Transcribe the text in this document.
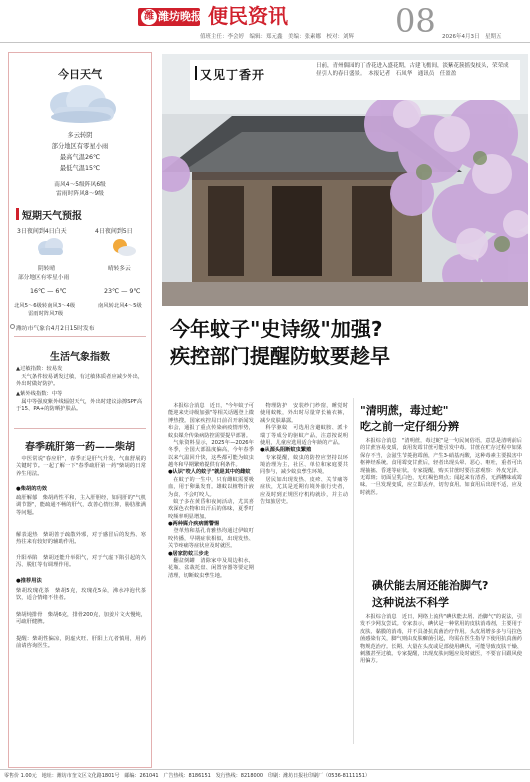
潍 潍坊晚报 便民资讯	08
值班主任：李会婷　编辑：郑元鑫　美编：张素娜　校对：刘辉	2026年4月3日　星期五
今日天气
多云转阴
部分地区有零星小雨
最高气温26℃
最低气温15℃
南风4～5级阵风6级
雷雨时阵风8～9级
短期天气预报
3日夜间到4日白天	4日夜间到5日
阴转晴	晴转多云
部分地区有零星小雨
16℃ — 6℃	23℃ — 9℃
北风5～6级转南风3～4级	南风转北风4～5级
雷雨时阵风7级
潍坊市气象台4月2日15时发布
生活气象指数
▲过敏指数：较易发
　天气条件较易诱发过敏，有过敏体质者应减少外出，外出时做好防护。
▲紫外线指数：中等
　属中等强度紫外线辐射天气，外出时建议涂擦SPF高于15、PA+的防晒护肤品。
春季疏肝第一药——柴胡
　中医常说"春应肝"，春季正是肝气升发、气血舒展的关键时节。一起了解一下"春季疏肝第一药"柴胡的日常养生用法。
●柴胡的功效
疏肝解郁　柴胡药性平和，主入肝胆经，如同肝的"气机调节器"，能疏通不畅的肝气，改善心情压抑，胁肋胀满等问题。
解表退热　柴胡善于疏散外邪，对于感冒后的发热、寒热往来有较好的辅助作用。
升阳举陷　柴胡还能升举阳气，对于气虚下陷引起的久泻、脱肛等有调理作用。
●推荐用法
柴胡玫瑰花茶　柴胡5克，玫瑰花5朵，沸水冲泡代茶饮，适合情绪不佳者。
柴胡炖排骨　柴胡6克，排骨200克，加姜片文火慢炖，可疏肝健脾。
提醒：柴胡性偏凉，阴虚火旺、肝阳上亢者慎用，用药前请咨询医生。
又见丁香开
日前，青州偶园的丁香花进入盛花期，古建飞檐间，淡紫花簇摇曳枝头，荣荣成昼引人的春日盛景。　本报记者　石凤华　通讯员　任盈盈
今年蚊子"史诗级"加强?
疾控部门提醒防蚊要趁早
　本报综合消息　近日，"今年蚊子可能迎来史诗级加强"等相关话题登上微博热搜。国家疾控局日前召开新闻发布会，通报了重点传染病疫情形势，蚊虫媒介传染病防控需要提早部署。
　气象资料显示，2025年—2026年冬季，全国大部温度偏高，今年春季以来气温回升快，这些都可能为蚊虫越冬和早期繁殖提供有利条件。

●认识"咬人的蚊子"就是其中的雌蚊
　在蚊子的一生中，只有雌蚊需要吸血，用于卵巢发育。雄蚊以植物汁液为食，不会叮咬人。
　蚊子多在黄昏和夜间活动，尤其喜欢深色衣物和出汗后的体味，夏季叮咬频率明显增加。

●两种媒介疾病需警惕
　登革热和基孔肯雅热均通过伊蚊叮咬传播，早期症状相似，出现发热、关节疼痛等症状应及时就医。

●居家防蚊三步走
　翻盆倒罐　清除家中及周边积水，花瓶、盆栽托盘、闲置容器等要定期清理，切断蚊虫孳生地。
　物理防护　安装纱门纱窗，睡觉时使用蚊帐，外出时尽量穿长袖衣裤，减少皮肤暴露。
　科学驱蚊　可选用含避蚊胺、派卡瑞丁等成分的驱蚊产品，注意按说明使用，儿童应选用适合年龄的产品。

●从源头阻断蚊虫繁殖
　专家提醒，蚊虫的防控应坚持以环境治理为主，社区、单位和家庭要共同参与，减少蚊虫孳生环境。
　居民如出现发热、皮疹、关节痛等症状，尤其是近期有境外旅行史者，应及时到正规医疗机构就诊，并主动告知旅居史。
"清明蔗，毒过蛇"
吃之前一定仔细分辨
　本报综合消息　"清明蔗，毒过蛇"是一句民间俗语，意思是清明前后的甘蔗容易变质，食用发霉甘蔗可能引发中毒。甘蔗在贮存过程中如果保存不当，会滋生节菱孢霉菌，产生3-硝基丙酸，这种毒素主要损害中枢神经系统。食用霉变甘蔗后，轻者出现头晕、恶心、呕吐，重者可出现抽搐、昏迷等症状。专家提醒，购买甘蔗时要注意观察：外皮光泽、无霉斑；切面呈乳白色，无红褐色斑点；闻起来有清香，无酒糟味或霉味。一旦发现变质，应立即丢弃，切勿食用。如食用后出现不适，应及时就医。
碘伏能去屑还能治脚气?
这种说法不科学
　本报综合消息　近日，网络上流传"碘伏能去屑、治脚气"的说法，引发不少网友尝试。专家表示，碘伏是一种常用的皮肤消毒剂，主要用于皮肤、黏膜的消毒，并不具备抗真菌治疗作用。头皮屑增多多与马拉色菌感染有关，脚气则由皮肤癣菌引起，均需在医生指导下使用抗真菌药物规范治疗。长期、大量在头皮或足部使用碘伏，可能导致皮肤干燥、刺激甚至过敏。专家提醒，出现皮肤问题应及时就医，不要盲目跟风使用偏方。
零售价 1.00元　地址：潍坊市奎文区文化路1801号　邮编：261041　广告热线：8186151　发行热线：8218000　印刷：潍坊日报社印刷厂（0536-8111151）
